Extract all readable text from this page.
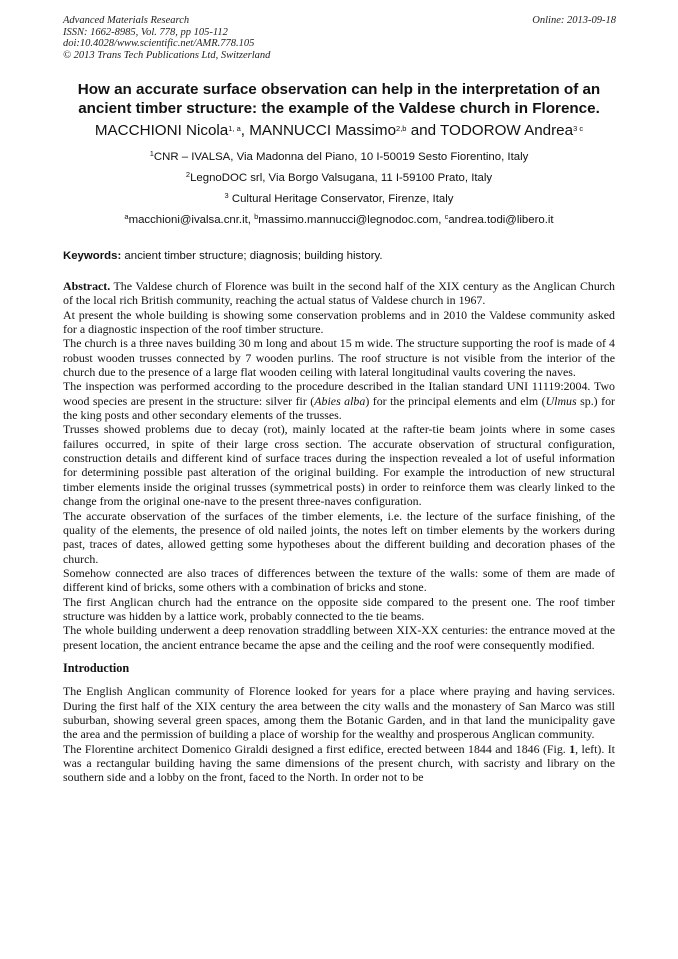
Advanced Materials Research
ISSN: 1662-8985, Vol. 778, pp 105-112
doi:10.4028/www.scientific.net/AMR.778.105
© 2013 Trans Tech Publications Ltd, Switzerland
Online: 2013-09-18
How an accurate surface observation can help in the interpretation of an ancient timber structure: the example of the Valdese church in Florence.
MACCHIONI Nicola$^{1, a}$, MANNUCCI Massimo$^{2,b}$ and TODOROW Andrea$^{3 c}$
$^1$CNR – IVALSA, Via Madonna del Piano, 10 I-50019 Sesto Fiorentino, Italy
$^2$LegnoDOC srl, Via Borgo Valsugana, 11 I-59100 Prato, Italy
$^3$ Cultural Heritage Conservator, Firenze, Italy
$^a$macchioni@ivalsa.cnr.it, $^b$massimo.mannucci@legnodoc.com, $^c$andrea.todi@libero.it
Keywords: ancient timber structure; diagnosis; building history.

Abstract. The Valdese church of Florence was built in the second half of the XIX century as the Anglican Church of the local rich British community, reaching the actual status of Valdese church in 1967.

At present the whole building is showing some conservation problems and in 2010 the Valdese community asked for a diagnostic inspection of the roof timber structure.

The church is a three naves building 30 m long and about 15 m wide. The structure supporting the roof is made of 4 robust wooden trusses connected by 7 wooden purlins. The roof structure is not visible from the interior of the church due to the presence of a large flat wooden ceiling with lateral longitudinal vaults covering the naves.

The inspection was performed according to the procedure described in the Italian standard UNI 11119:2004. Two wood species are present in the structure: silver fir (Abies alba) for the principal elements and elm (Ulmus sp.) for the king posts and other secondary elements of the trusses.

Trusses showed problems due to decay (rot), mainly located at the rafter-tie beam joints where in some cases failures occurred, in spite of their large cross section. The accurate observation of structural configuration, construction details and different kind of surface traces during the inspection revealed a lot of useful information for determining possible past alteration of the original building. For example the introduction of new structural timber elements inside the original trusses (symmetrical posts) in order to reinforce them was clearly linked to the change from the original one-nave to the present three-naves configuration.

The accurate observation of the surfaces of the timber elements, i.e. the lecture of the surface finishing, of the quality of the elements, the presence of old nailed joints, the notes left on timber elements by the workers during past, traces of dates, allowed getting some hypotheses about the different building and decoration phases of the church.

Somehow connected are also traces of differences between the texture of the walls: some of them are made of different kind of bricks, some others with a combination of bricks and stone.

The first Anglican church had the entrance on the opposite side compared to the present one. The roof timber structure was hidden by a lattice work, probably connected to the tie beams.

The whole building underwent a deep renovation straddling between XIX-XX centuries: the entrance moved at the present location, the ancient entrance became the apse and the ceiling and the roof were consequently modified.

Introduction

The English Anglican community of Florence looked for years for a place where praying and having services. During the first half of the XIX century the area between the city walls and the monastery of San Marco was still suburban, showing several green spaces, among them the Botanic Garden, and in that land the municipality gave the area and the permission of building a place of worship for the wealthy and prosperous Anglican community.

The Florentine architect Domenico Giraldi designed a first edifice, erected between 1844 and 1846 (Fig. 1, left). It was a rectangular building having the same dimensions of the present church, with sacristy and library on the southern side and a lobby on the front, faced to the North. In order not to be
